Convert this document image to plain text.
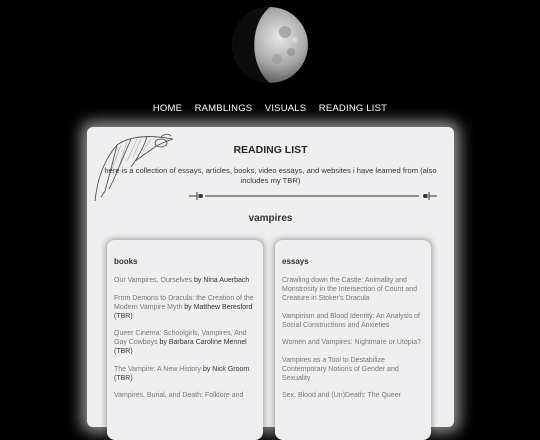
HOME RAMBLINGS VISUALS READING LIST
READING LIST
here is a collection of essays, articles, books, video essays, and websites i have learned from (also includes my TBR)
vampires
books
Our Vampires, Ourselves by Nina Auerbach
From Demons to Dracula: the Creation of the Modern Vampire Myth by Matthew Beresford (TBR)
Queer Cinema: Schoolgirls, Vampires, And Gay Cowboys by Barbara Caroline Mennel (TBR)
The Vampire: A New History by Nick Groom (TBR)
Vampires, Burial, and Death: Folklore and
essays
Crawling down the Castle: Animality and Monstrosity in the Intersection of Count and Creature in Stoker's Dracula
Vampirism and Blood Identity: An Analysis of Social Constructions and Anxieties
Women and Vampires: Nightmare or Utopia?
Vampires as a Tool to Destabilize Contemporary Notions of Gender and Sexuality
Sex, Blood and (Un)Death: The Queer
